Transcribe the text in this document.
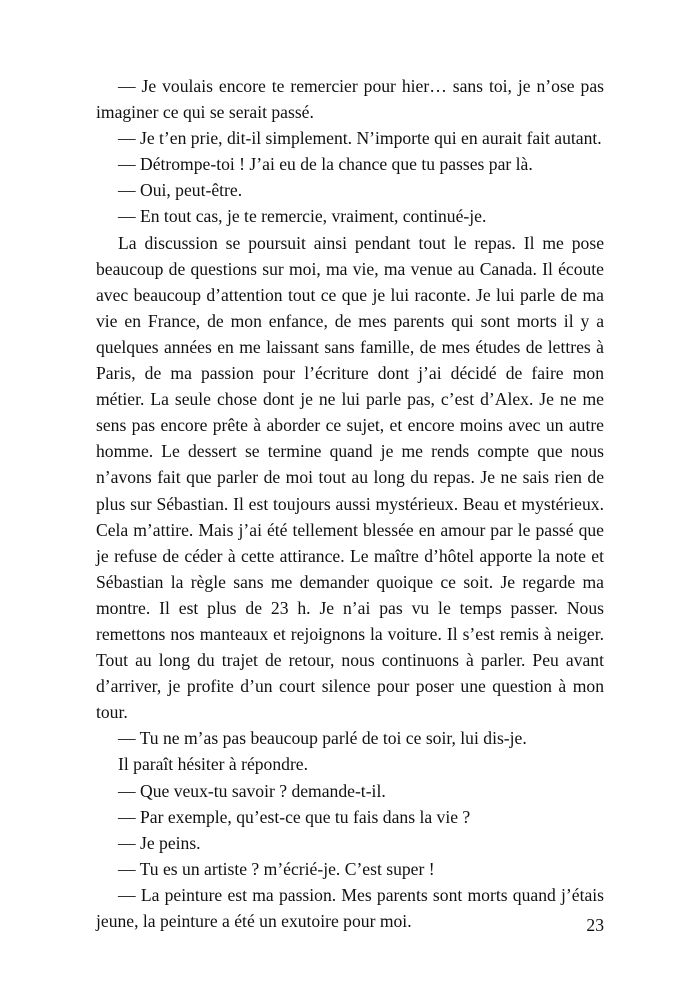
— Je voulais encore te remercier pour hier… sans toi, je n’ose pas imaginer ce qui se serait passé.

— Je t’en prie, dit-il simplement. N’importe qui en aurait fait autant.

— Détrompe-toi ! J’ai eu de la chance que tu passes par là.

— Oui, peut-être.

— En tout cas, je te remercie, vraiment, continué-je.

La discussion se poursuit ainsi pendant tout le repas. Il me pose beaucoup de questions sur moi, ma vie, ma venue au Canada. Il écoute avec beaucoup d’attention tout ce que je lui raconte. Je lui parle de ma vie en France, de mon enfance, de mes parents qui sont morts il y a quelques années en me laissant sans famille, de mes études de lettres à Paris, de ma passion pour l’écriture dont j’ai décidé de faire mon métier. La seule chose dont je ne lui parle pas, c’est d’Alex. Je ne me sens pas encore prête à aborder ce sujet, et encore moins avec un autre homme. Le dessert se termine quand je me rends compte que nous n’avons fait que parler de moi tout au long du repas. Je ne sais rien de plus sur Sébastian. Il est toujours aussi mystérieux. Beau et mystérieux. Cela m’attire. Mais j’ai été tellement blessée en amour par le passé que je refuse de céder à cette attirance. Le maître d’hôtel apporte la note et Sébastian la règle sans me demander quoique ce soit. Je regarde ma montre. Il est plus de 23 h. Je n’ai pas vu le temps passer. Nous remettons nos manteaux et rejoignons la voiture. Il s’est remis à neiger. Tout au long du trajet de retour, nous continuons à parler. Peu avant d’arriver, je profite d’un court silence pour poser une question à mon tour.

— Tu ne m’as pas beaucoup parlé de toi ce soir, lui dis-je.

Il paraît hésiter à répondre.

— Que veux-tu savoir ? demande-t-il.

— Par exemple, qu’est-ce que tu fais dans la vie ?

— Je peins.

— Tu es un artiste ? m’écrié-je. C’est super !

— La peinture est ma passion. Mes parents sont morts quand j’étais jeune, la peinture a été un exutoire pour moi.	23
